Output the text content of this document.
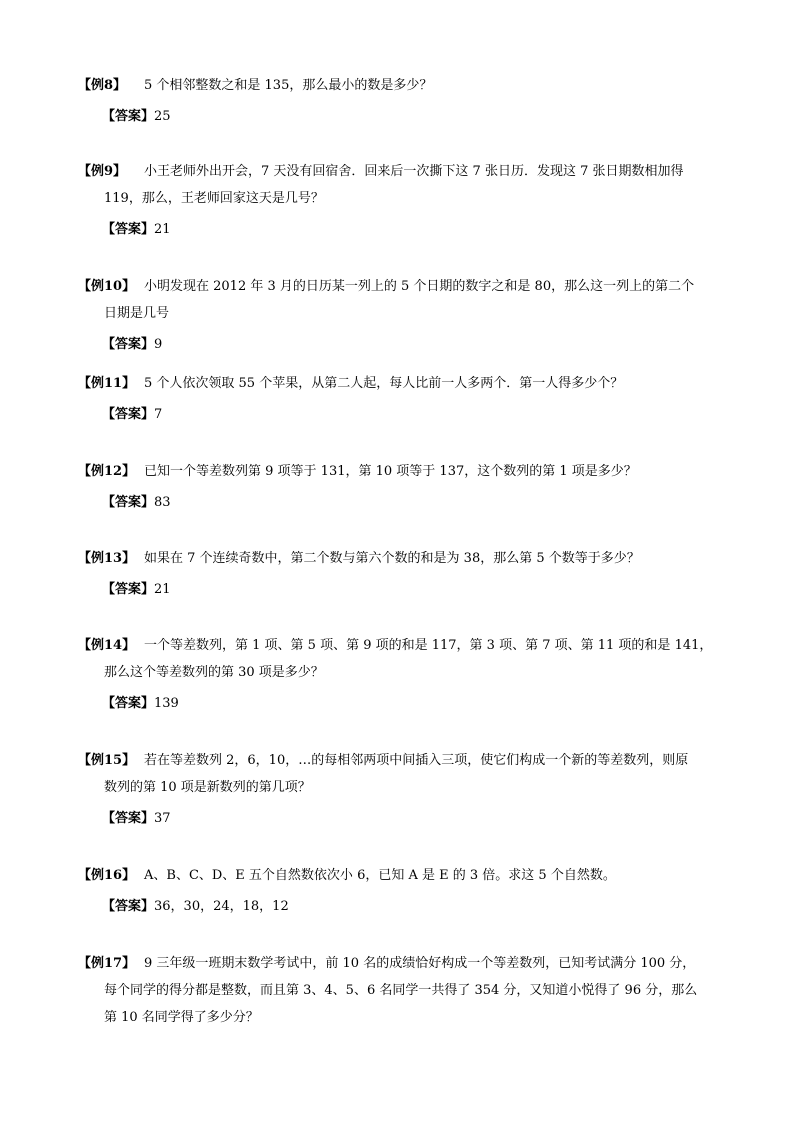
【例8】 5 个相邻整数之和是 135，那么最小的数是多少？
【答案】25
【例9】 小王老师外出开会，7 天没有回宿舍．回来后一次撕下这 7 张日历．发现这 7 张日期数相加得
119，那么，王老师回家这天是几号？
【答案】21
【例10】 小明发现在 2012 年 3 月的日历某一列上的 5 个日期的数字之和是 80，那么这一列上的第二个
日期是几号
【答案】9
【例11】 5 个人依次领取 55 个苹果，从第二人起，每人比前一人多两个．第一人得多少个？
【答案】7
【例12】 已知一个等差数列第 9 项等于 131，第 10 项等于 137，这个数列的第 1 项是多少？
【答案】83
【例13】 如果在 7 个连续奇数中，第二个数与第六个数的和是为 38，那么第 5 个数等于多少？
【答案】21
【例14】 一个等差数列，第 1 项、第 5 项、第 9 项的和是 117，第 3 项、第 7 项、第 11 项的和是 141，
那么这个等差数列的第 30 项是多少？
【答案】139
【例15】 若在等差数列 2，6，10，…的每相邻两项中间插入三项，使它们构成一个新的等差数列，则原
数列的第 10 项是新数列的第几项？
【答案】37
【例16】 A、B、C、D、E 五个自然数依次小 6，已知 A 是 E 的 3 倍。求这 5 个自然数。
【答案】36，30，24，18，12
【例17】 9 三年级一班期末数学考试中，前 10 名的成绩恰好构成一个等差数列，已知考试满分 100 分，
每个同学的得分都是整数，而且第 3、4、5、6 名同学一共得了 354 分，又知道小悦得了 96 分，那么
第 10 名同学得了多少分？
